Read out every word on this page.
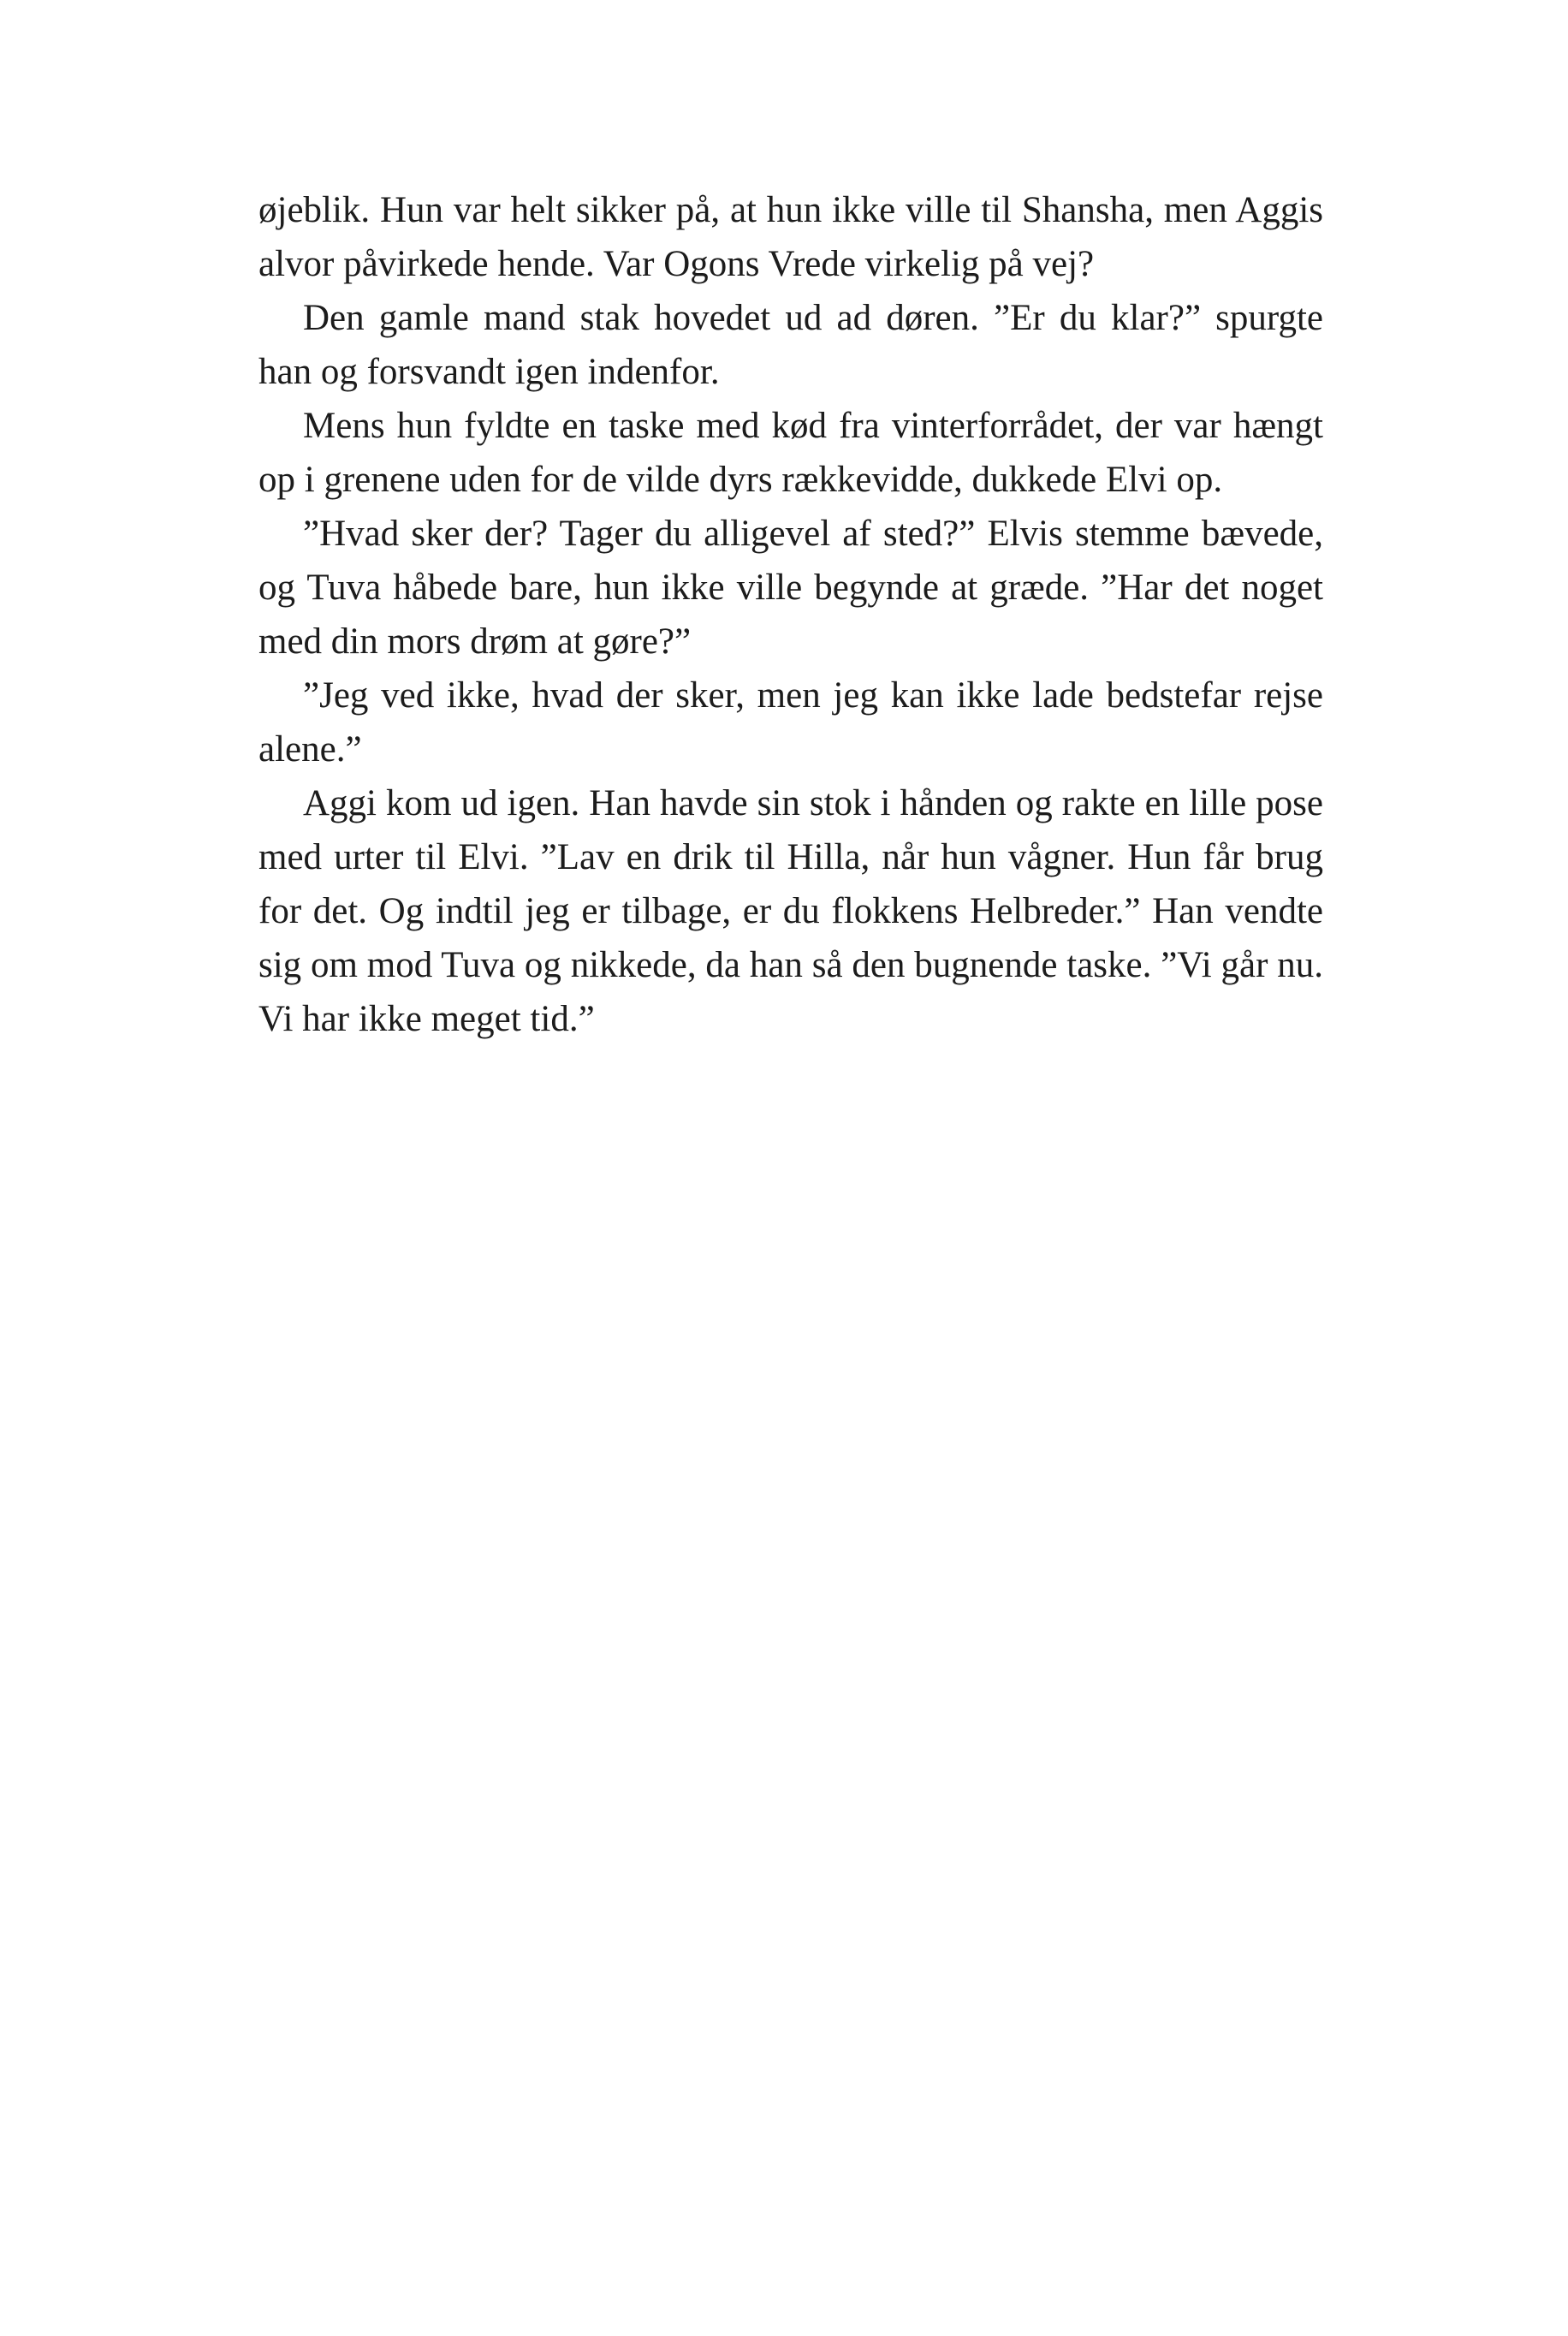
øjeblik. Hun var helt sikker på, at hun ikke ville til Shansha, men Aggis alvor påvirkede hende. Var Ogons Vrede virkelig på vej?

Den gamle mand stak hovedet ud ad døren. ”Er du klar?” spurgte han og forsvandt igen indenfor.

Mens hun fyldte en taske med kød fra vinterforrådet, der var hængt op i grenene uden for de vilde dyrs rækkevidde, dukkede Elvi op.

”Hvad sker der? Tager du alligevel af sted?” Elvis stemme bævede, og Tuva håbede bare, hun ikke ville begynde at græde. ”Har det noget med din mors drøm at gøre?”

”Jeg ved ikke, hvad der sker, men jeg kan ikke lade bedstefar rejse alene.”

Aggi kom ud igen. Han havde sin stok i hånden og rakte en lille pose med urter til Elvi. ”Lav en drik til Hilla, når hun vågner. Hun får brug for det. Og indtil jeg er tilbage, er du flokkens Helbreder.” Han vendte sig om mod Tuva og nikkede, da han så den bugnende taske. ”Vi går nu. Vi har ikke meget tid.”
